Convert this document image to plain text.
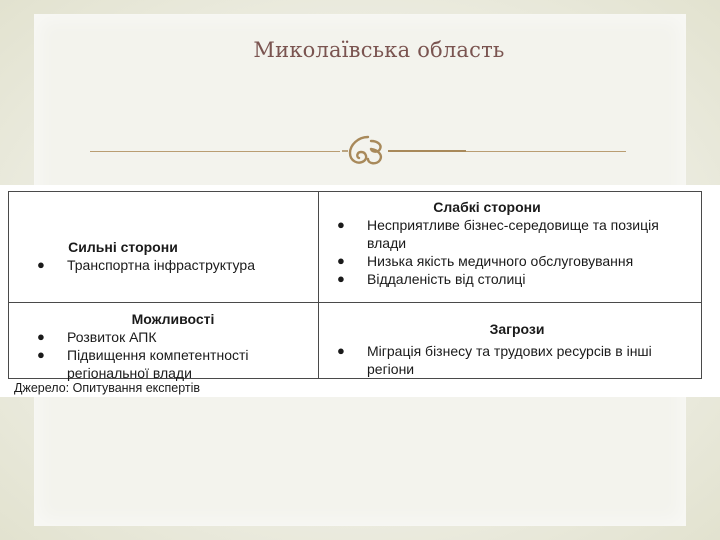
Миколаївська область
Сильні сторони
● Транспортна інфраструктура
Слабкі сторони
● Несприятливе бізнес-середовище та позиція влади
● Низька якість медичного обслуговування
● Віддаленість від столиці
Можливості
● Розвиток АПК
● Підвищення компетентності регіональної влади
Загрози
● Міграція бізнесу та трудових ресурсів в інші регіони
Джерело: Опитування експертів
